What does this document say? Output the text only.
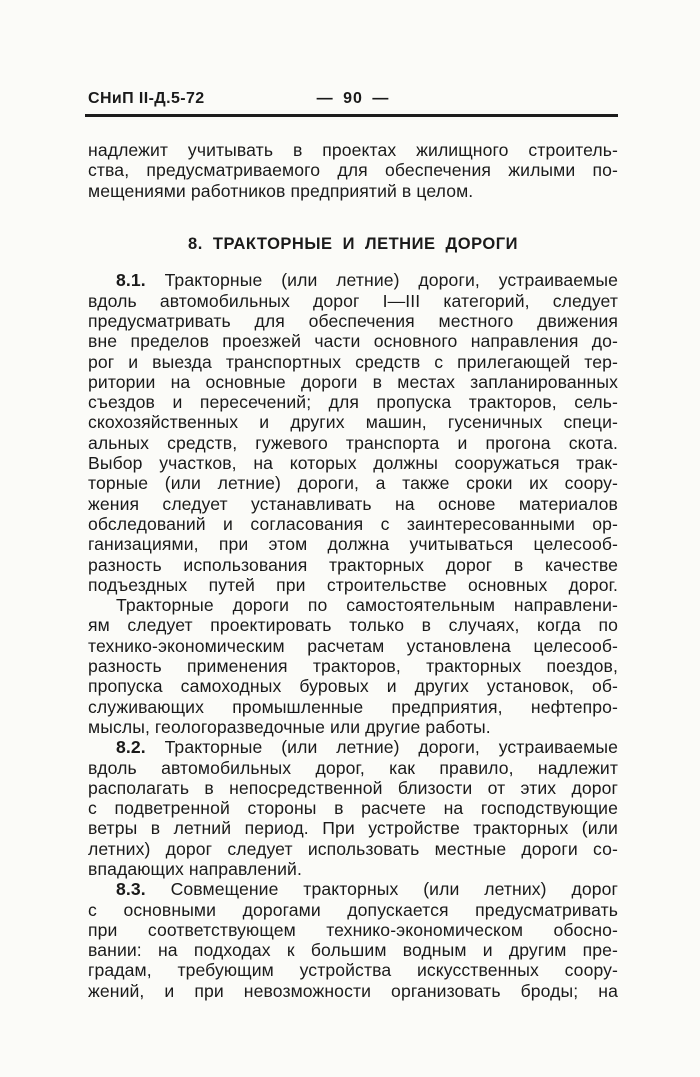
СНиП II-Д.5-72	— 90 —
надлежит учитывать в проектах жилищного строитель-
ства, предусматриваемого для обеспечения жилыми по-
мещениями работников предприятий в целом.
8. ТРАКТОРНЫЕ И ЛЕТНИЕ ДОРОГИ
8.1. Тракторные (или летние) дороги, устраиваемые
вдоль автомобильных дорог I—III категорий, следует
предусматривать для обеспечения местного движения
вне пределов проезжей части основного направления до-
рог и выезда транспортных средств с прилегающей тер-
ритории на основные дороги в местах запланированных
съездов и пересечений; для пропуска тракторов, сель-
скохозяйственных и других машин, гусеничных специ-
альных средств, гужевого транспорта и прогона скота.
Выбор участков, на которых должны сооружаться трак-
торные (или летние) дороги, а также сроки их соору-
жения следует устанавливать на основе материалов
обследований и согласования с заинтересованными ор-
ганизациями, при этом должна учитываться целесооб-
разность использования тракторных дорог в качестве
подъездных путей при строительстве основных дорог.
Тракторные дороги по самостоятельным направлени-
ям следует проектировать только в случаях, когда по
технико-экономическим расчетам установлена целесооб-
разность применения тракторов, тракторных поездов,
пропуска самоходных буровых и других установок, об-
служивающих промышленные предприятия, нефтепро-
мыслы, геологоразведочные или другие работы.
8.2. Тракторные (или летние) дороги, устраиваемые
вдоль автомобильных дорог, как правило, надлежит
располагать в непосредственной близости от этих дорог
с подветренной стороны в расчете на господствующие
ветры в летний период. При устройстве тракторных (или
летних) дорог следует использовать местные дороги со-
впадающих направлений.
8.3. Совмещение тракторных (или летних) дорог
с основными дорогами допускается предусматривать
при соответствующем технико-экономическом обосно-
вании: на подходах к большим водным и другим пре-
градам, требующим устройства искусственных соору-
жений, и при невозможности организовать броды; на
